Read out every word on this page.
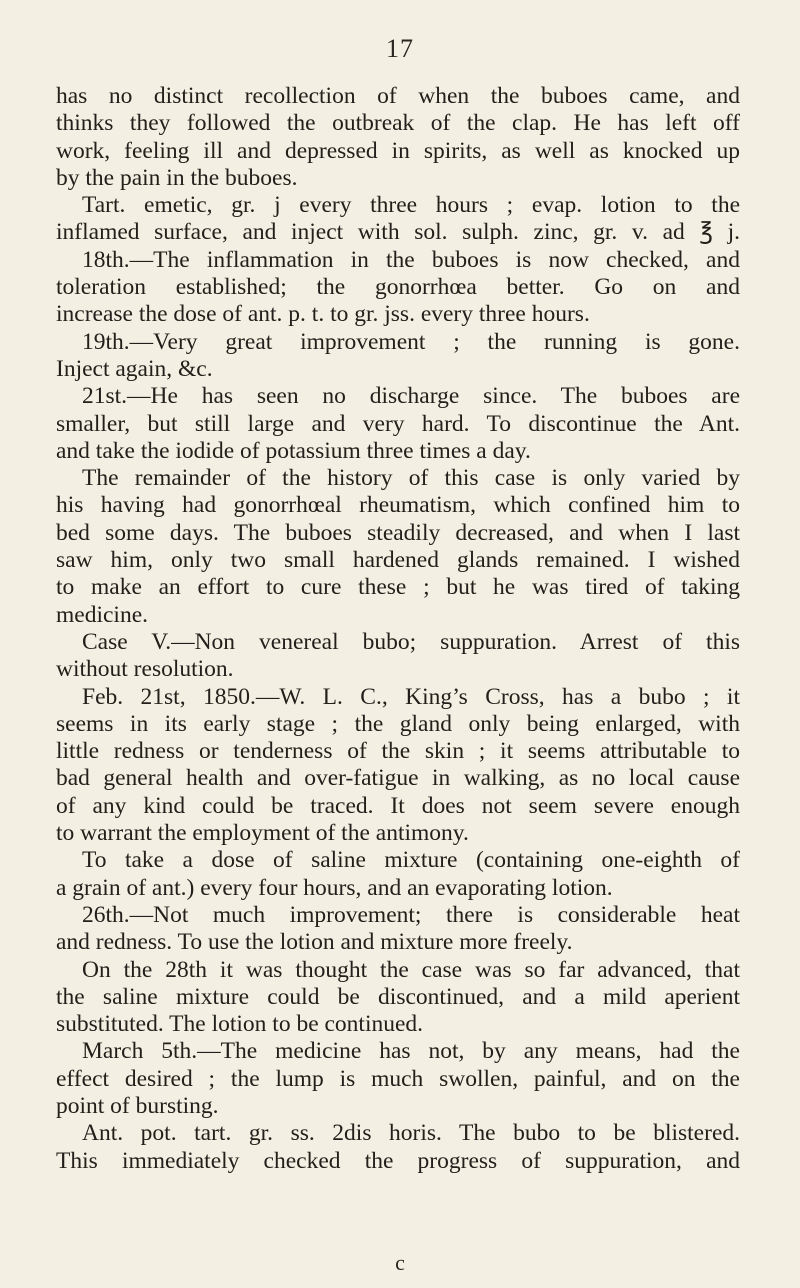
17
has no distinct recollection of when the buboes came, and
thinks they followed the outbreak of the clap. He has left off
work, feeling ill and depressed in spirits, as well as knocked up
by the pain in the buboes.
Tart. emetic, gr. j every three hours ; evap. lotion to the
inflamed surface, and inject with sol. sulph. zinc, gr. v. ad ℥ j.
18th.—The inflammation in the buboes is now checked, and
toleration established; the gonorrhœa better. Go on and
increase the dose of ant. p. t. to gr. jss. every three hours.
19th.—Very great improvement ; the running is gone.
Inject again, &c.
21st.—He has seen no discharge since. The buboes are
smaller, but still large and very hard. To discontinue the Ant.
and take the iodide of potassium three times a day.
The remainder of the history of this case is only varied by
his having had gonorrhœal rheumatism, which confined him to
bed some days. The buboes steadily decreased, and when I last
saw him, only two small hardened glands remained. I wished
to make an effort to cure these ; but he was tired of taking
medicine.
Case V.—Non venereal bubo; suppuration. Arrest of this
without resolution.
Feb. 21st, 1850.—W. L. C., King’s Cross, has a bubo ; it
seems in its early stage ; the gland only being enlarged, with
little redness or tenderness of the skin ; it seems attributable to
bad general health and over-fatigue in walking, as no local cause
of any kind could be traced. It does not seem severe enough
to warrant the employment of the antimony.
To take a dose of saline mixture (containing one-eighth of
a grain of ant.) every four hours, and an evaporating lotion.
26th.—Not much improvement; there is considerable heat
and redness. To use the lotion and mixture more freely.
On the 28th it was thought the case was so far advanced, that
the saline mixture could be discontinued, and a mild aperient
substituted. The lotion to be continued.
March 5th.—The medicine has not, by any means, had the
effect desired ; the lump is much swollen, painful, and on the
point of bursting.
Ant. pot. tart. gr. ss. 2dis horis. The bubo to be blistered.
This immediately checked the progress of suppuration, and
c
